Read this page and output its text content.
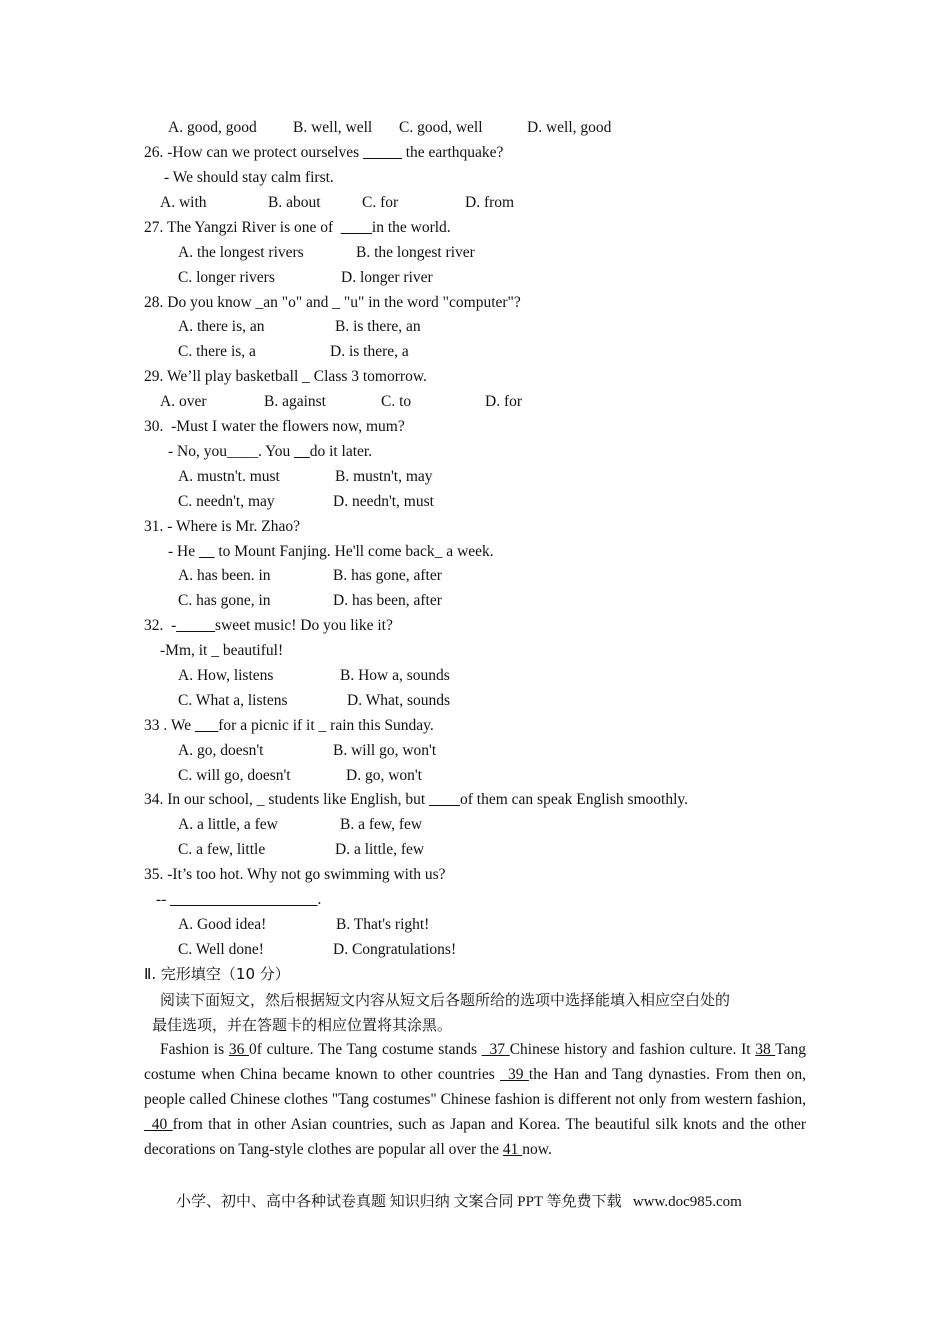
A. good, good B. well, well C. good, well	D. well, good
26. -How can we protect ourselves _____ the earthquake?
- We should stay calm first.
A. with	B. about	C. for	D. from
27. The Yangzi River is one of  ____in the world.
A. the longest rivers	B. the longest river
C. longer rivers	D. longer river
28. Do you know _an "o" and _ "u" in the word "computer"?
A. there is, an	B. is there, an
C. there is, a	D. is there, a
29. We’ll play basketball _ Class 3 tomorrow.
A. over	B. against	C. to	D. for
30.  -Must I water the flowers now, mum?
- No, you____. You __do it later.
A. mustn't. must	B. mustn't, may
C. needn't, may	D. needn't, must
31. - Where is Mr. Zhao?
- He __ to Mount Fanjing. He'll come back_ a week.
A. has been. in	B. has gone, after
C. has gone, in	D. has been, after
32.  -_____sweet music! Do you like it?
-Mm, it _ beautiful!
A. How, listens	B. How a, sounds
C. What a, listens	D. What, sounds
33 . We ___for a picnic if it _ rain this Sunday.
A. go, doesn't	B. will go, won't
C. will go, doesn't	D. go, won't
34. In our school, _ students like English, but ____of them can speak English smoothly.
A. a little, a few	B. a few, few
C. a few, little	D. a little, few
35. -It’s too hot. Why not go swimming with us?
-- ___________________.
A. Good idea!	B. That's right!
C. Well done!	D. Congratulations!
Ⅱ. 完形填空（10 分）
阅读下面短文，然后根据短文内容从短文后各题所给的选项中选择能填入相应空白处的
最佳选项，并在答题卡的相应位置将其涂黑。
Fashion is 36 0f culture. The Tang costume stands _37 Chinese history and fashion culture. It 38 Tang costume when China became known to other countries _39 the Han and Tang dynasties. From then on, people called Chinese clothes "Tang costumes" Chinese fashion is different not only from western fashion, _40 from that in other Asian countries, such as Japan and Korea. The beautiful silk knots and the other decorations on Tang-style clothes are popular all over the 41 now.
小学、初中、高中各种试卷真题 知识归纳 文案合同 PPT 等免费下载   www.doc985.com
